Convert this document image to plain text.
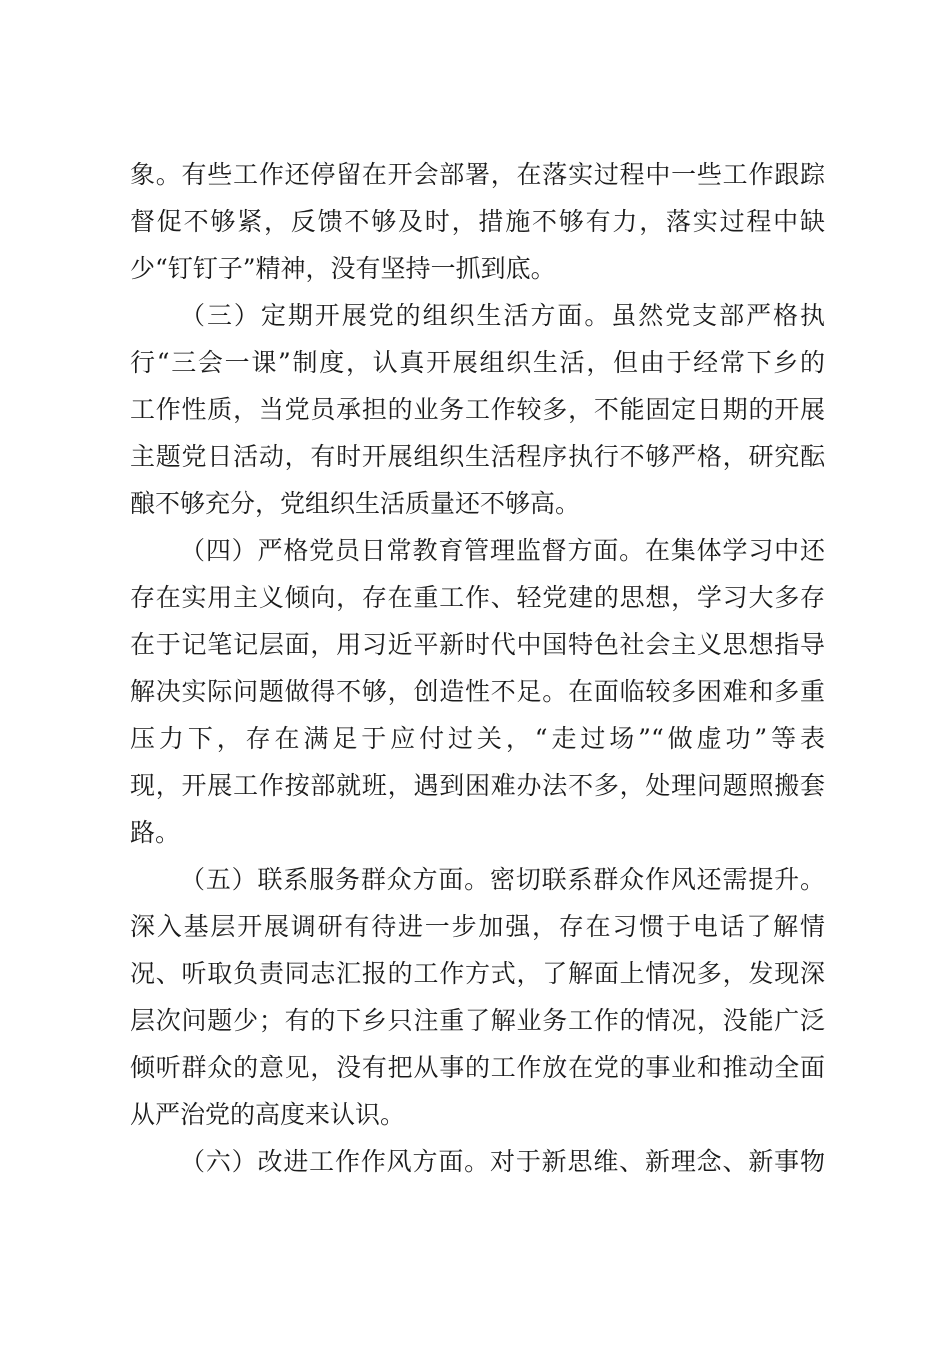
象。有些工作还停留在开会部署，在落实过程中一些工作跟踪
督促不够紧，反馈不够及时，措施不够有力，落实过程中缺
少“钉钉子”精神，没有坚持一抓到底。
（三）定期开展党的组织生活方面。虽然党支部严格执
行“三会一课”制度，认真开展组织生活，但由于经常下乡的
工作性质，当党员承担的业务工作较多，不能固定日期的开展
主题党日活动，有时开展组织生活程序执行不够严格，研究酝
酿不够充分，党组织生活质量还不够高。
（四）严格党员日常教育管理监督方面。在集体学习中还
存在实用主义倾向，存在重工作、轻党建的思想，学习大多存
在于记笔记层面，用习近平新时代中国特色社会主义思想指导
解决实际问题做得不够，创造性不足。在面临较多困难和多重
压力下，存在满足于应付过关，“走过场”“做虚功”等表
现，开展工作按部就班，遇到困难办法不多，处理问题照搬套
路。
（五）联系服务群众方面。密切联系群众作风还需提升。
深入基层开展调研有待进一步加强，存在习惯于电话了解情
况、听取负责同志汇报的工作方式，了解面上情况多，发现深
层次问题少；有的下乡只注重了解业务工作的情况，没能广泛
倾听群众的意见，没有把从事的工作放在党的事业和推动全面
从严治党的高度来认识。
（六）改进工作作风方面。对于新思维、新理念、新事物
